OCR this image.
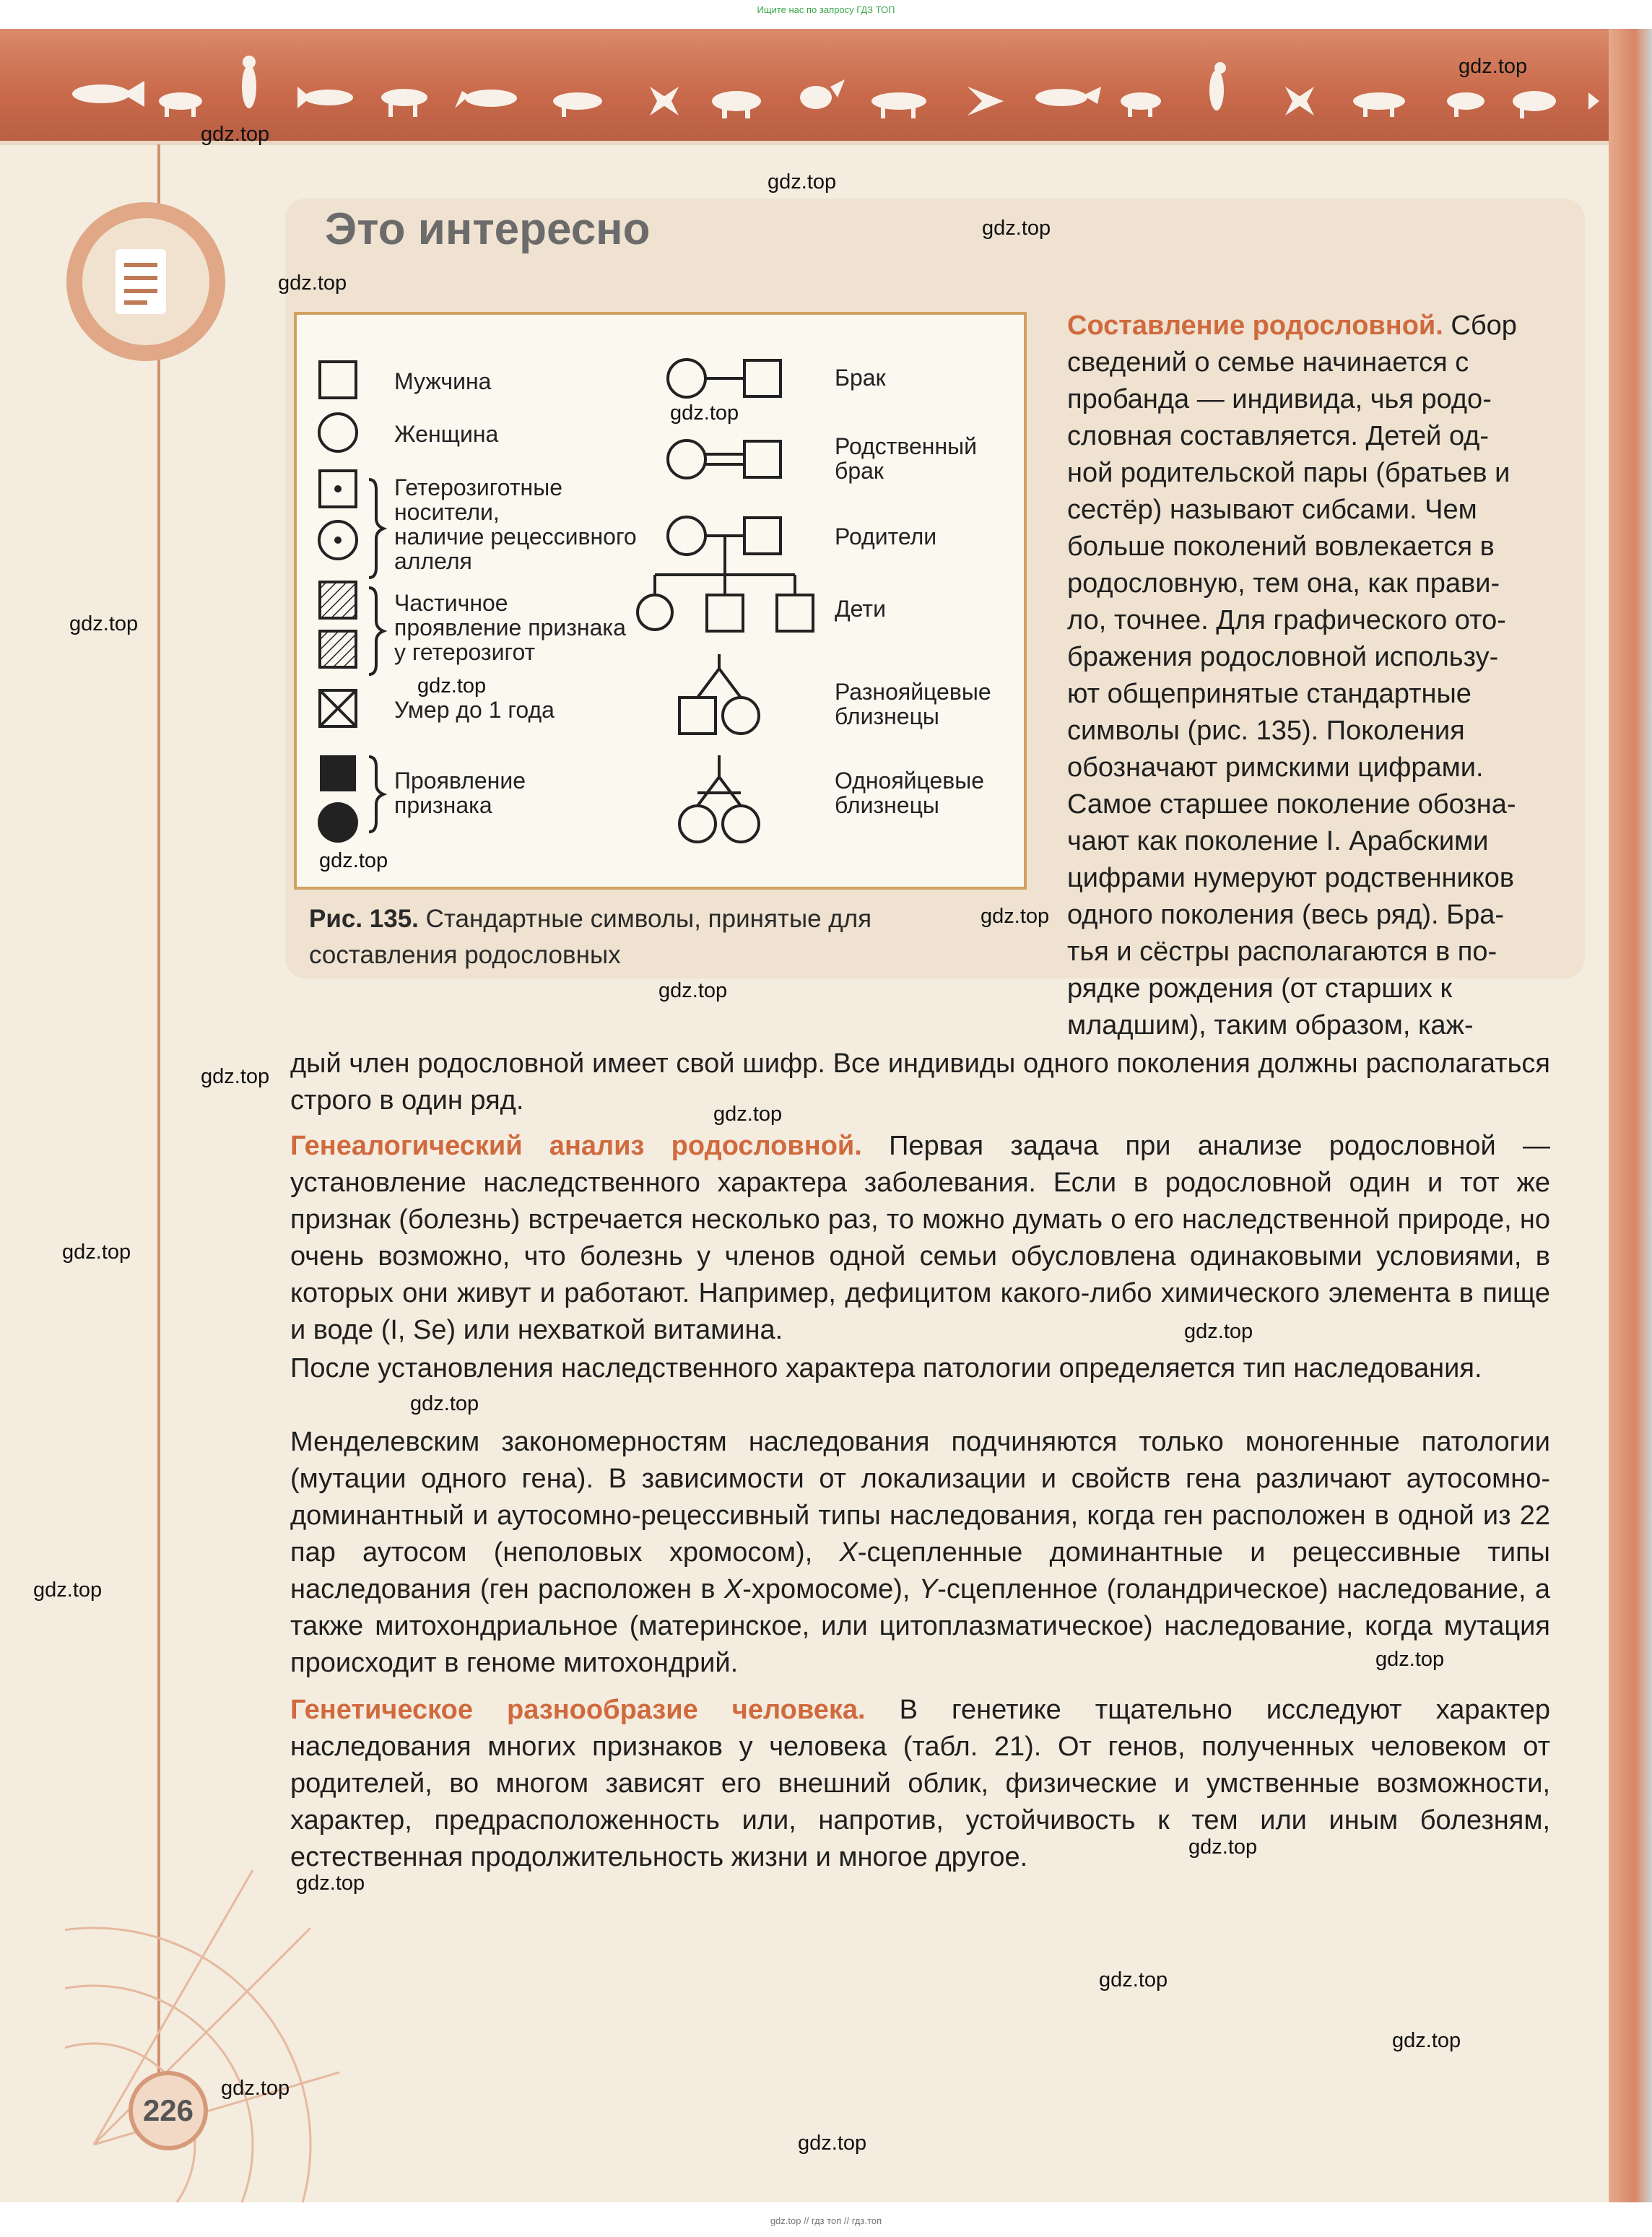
Ищите нас по запросу ГДЗ ТОП
Это интересно
Мужчина
Женщина
Гетерозиготные
носители,
наличие рецессивного
аллеля
Частичное
проявление признака
у гетерозигот
Умер до 1 года
Проявление
признака
Брак
Родственный
брак
Родители
Дети
Разнояйцевые
близнецы
Однояйцевые
близнецы
Рис. 135. Стандартные символы, принятые для составления родословных
Составление родословной. Сбор
сведений о семье начинается с
пробанда — индивида, чья родо-
словная составляется. Детей од-
ной родительской пары (братьев и
сестёр) называют сибсами. Чем
больше поколений вовлекается в
родословную, тем она, как прави-
ло, точнее. Для графического ото-
бражения родословной использу-
ют общепринятые стандартные
символы (рис. 135). Поколения
обозначают римскими цифрами.
Самое старшее поколение обозна-
чают как поколение I. Арабскими
цифрами нумеруют родственников
одного поколения (весь ряд). Бра-
тья и сёстры располагаются в по-
рядке рождения (от старших к
младшим), таким образом, каж-
дый член родословной имеет свой шифр. Все индивиды одного поколения должны располагаться строго в один ряд.
Генеалогический анализ родословной. Первая задача при анализе родословной — установление наследственного характера заболевания. Если в родословной один и тот же признак (болезнь) встречается несколько раз, то можно думать о его наследственной природе, но очень возможно, что болезнь у членов одной семьи обусловлена одинаковыми условиями, в которых они живут и работают. Например, дефицитом какого-либо химического элемента в пище и воде (I, Se) или нехваткой витамина.
После установления наследственного характера патологии определяется тип наследования.
Менделевским закономерностям наследования подчиняются только моногенные патологии (мутации одного гена). В зависимости от локализации и свойств гена различают аутосомно-доминантный и аутосомно-рецессивный типы наследования, когда ген расположен в одной из 22 пар аутосом (неполовых хромосом), X-сцепленные доминантные и рецессивные типы наследования (ген расположен в X-хромосоме), Y-сцепленное (голандрическое) наследование, а также митохондриальное (материнское, или цитоплазматическое) наследование, когда мутация происходит в геноме митохондрий.
Генетическое разнообразие человека. В генетике тщательно исследуют характер наследования многих признаков у человека (табл. 21). От генов, полученных человеком от родителей, во многом зависят его внешний облик, физические и умственные возможности, характер, предрасположенность или, напротив, устойчивость к тем или иным болезням, естественная продолжительность жизни и многое другое.
226
gdz.top
gdz.top
gdz.top
gdz.top
gdz.top
gdz.top
gdz.top
gdz.top
gdz.top
gdz.top
gdz.top
gdz.top
gdz.top
gdz.top
gdz.top
gdz.top
gdz.top
gdz.top
gdz.top
gdz.top
gdz.top
gdz.top
gdz.top
gdz.top
gdz.top // гдз топ // гдз.топ
